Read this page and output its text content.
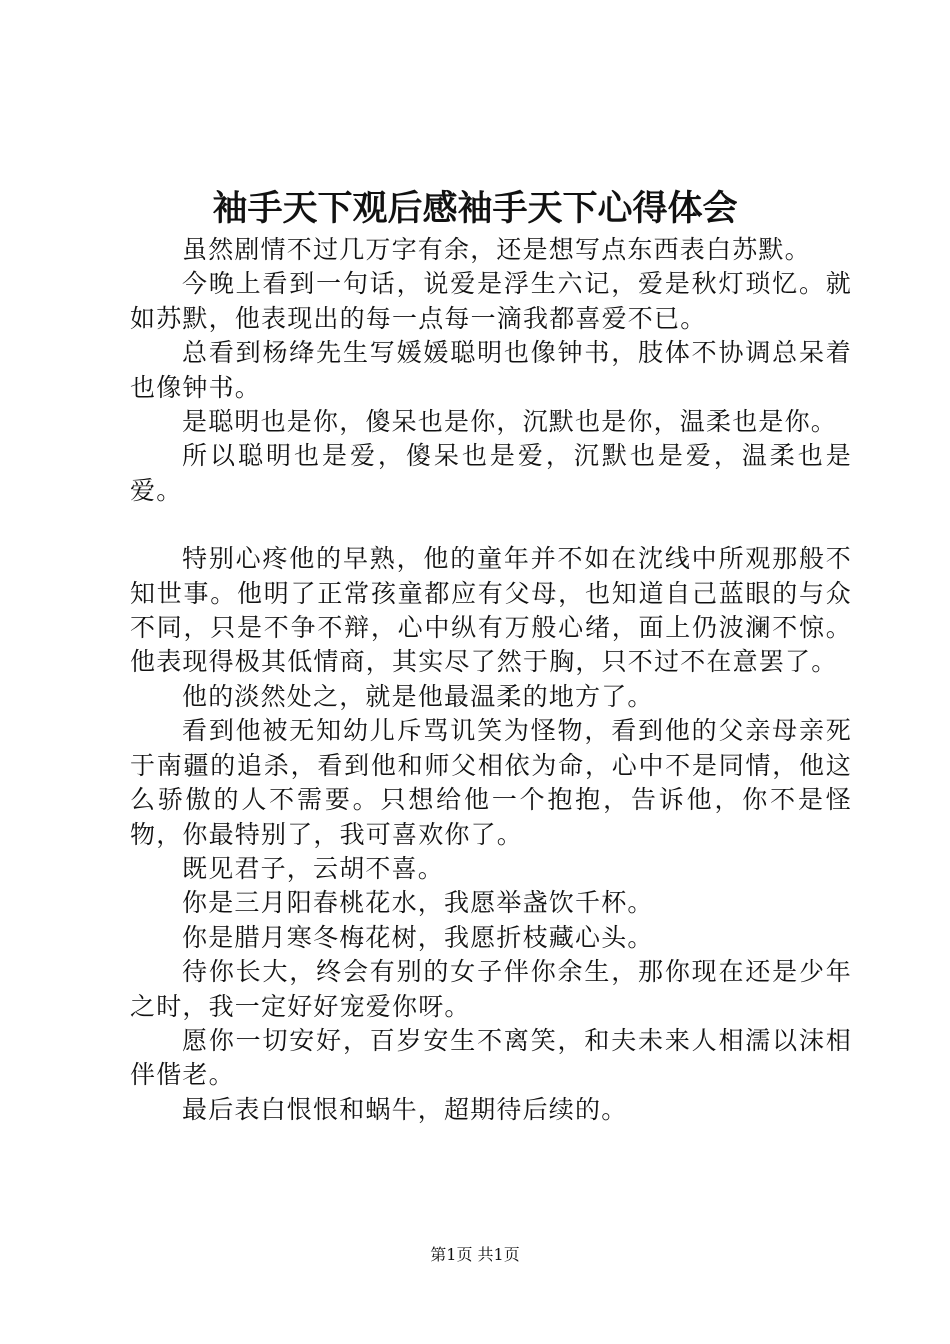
袖手天下观后感袖手天下心得体会

虽然剧情不过几万字有余，还是想写点东西表白苏默。

今晚上看到一句话，说爱是浮生六记，爱是秋灯琐忆。就如苏默，他表现出的每一点每一滴我都喜爱不已。

总看到杨绛先生写媛媛聪明也像钟书，肢体不协调总呆着也像钟书。

是聪明也是你，傻呆也是你，沉默也是你，温柔也是你。

所以聪明也是爱，傻呆也是爱，沉默也是爱，温柔也是爱。

特别心疼他的早熟，他的童年并不如在沈线中所观那般不知世事。他明了正常孩童都应有父母，也知道自己蓝眼的与众不同，只是不争不辩，心中纵有万般心绪，面上仍波澜不惊。他表现得极其低情商，其实尽了然于胸，只不过不在意罢了。

他的淡然处之，就是他最温柔的地方了。

看到他被无知幼儿斥骂讥笑为怪物，看到他的父亲母亲死于南疆的追杀，看到他和师父相依为命，心中不是同情，他这么骄傲的人不需要。只想给他一个抱抱，告诉他，你不是怪物，你最特别了，我可喜欢你了。

既见君子，云胡不喜。

你是三月阳春桃花水，我愿举盏饮千杯。

你是腊月寒冬梅花树，我愿折枝藏心头。

待你长大，终会有别的女子伴你余生，那你现在还是少年之时，我一定好好宠爱你呀。

愿你一切安好，百岁安生不离笑，和夫未来人相濡以沫相伴偕老。

最后表白恨恨和蜗牛，超期待后续的。

第1页 共1页
